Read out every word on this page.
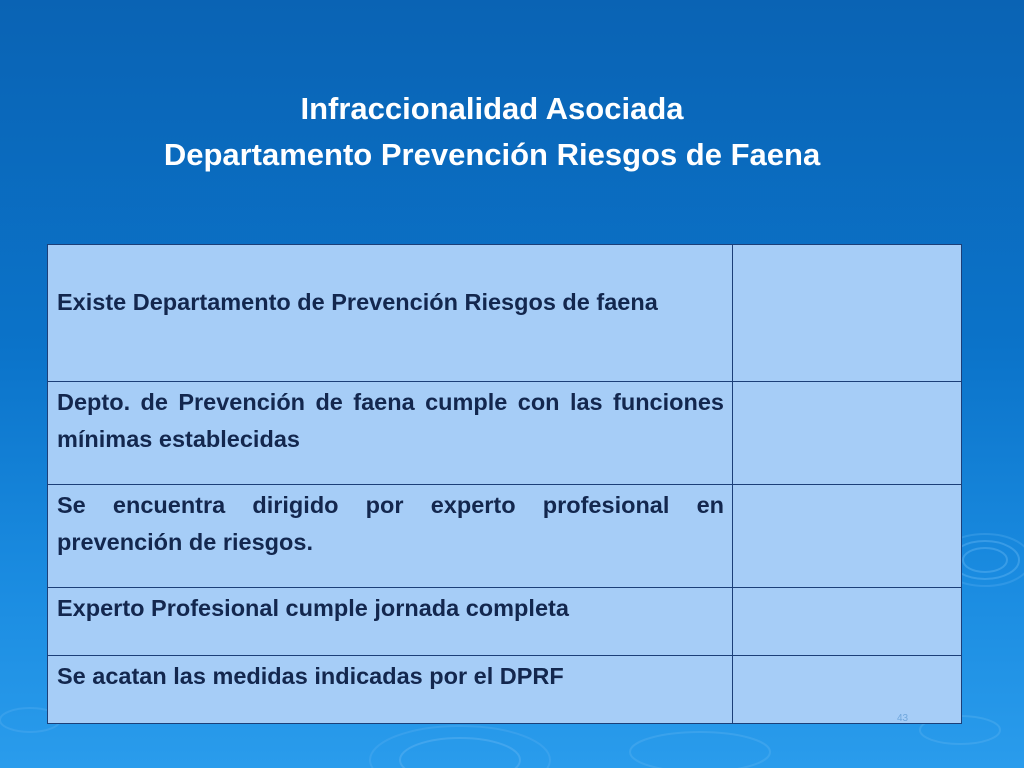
Infraccionalidad Asociada
Departamento Prevención Riesgos de Faena
Existe Departamento de Prevención Riesgos de faena	

Depto. de Prevención de faena cumple con las funciones mínimas establecidas	

Se encuentra dirigido por experto profesional en prevención de riesgos.	

Experto Profesional cumple jornada completa	

Se acatan las medidas indicadas por el DPRF	

43
